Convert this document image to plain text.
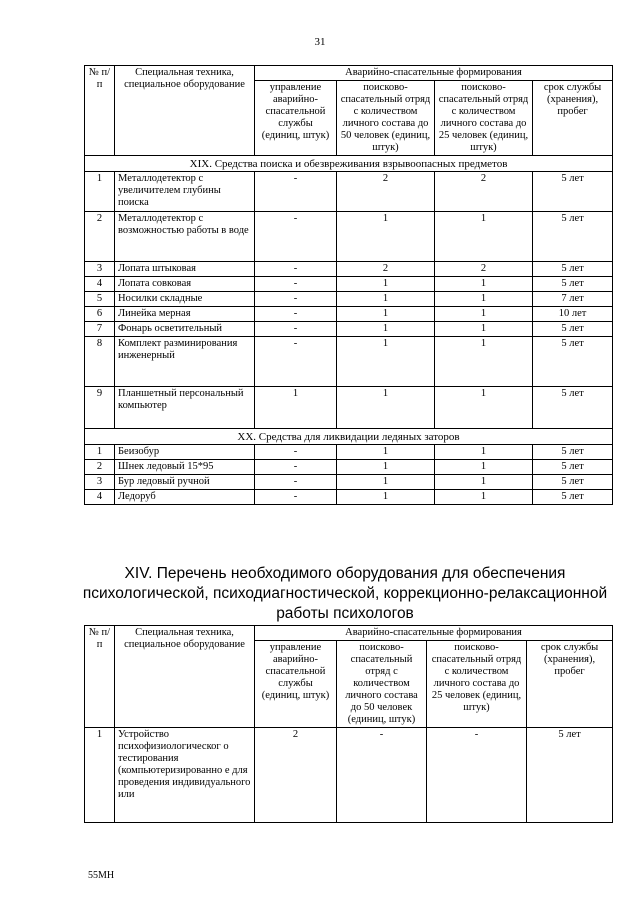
31
№ п/п	Специальная техника, специальное оборудование	Аварийно-спасательные формирования			
		управление аварийно-спасательной службы (единиц, штук)	поисково-спасательный отряд с количеством личного состава до 50 человек (единиц, штук)	поисково-спасательный отряд с количеством личного состава до 25 человек (единиц, штук)	срок службы (хранения), пробег
XIX. Средства поиска и обезвреживания взрывоопасных предметов					
1	Металлодетектор с увеличителем глубины поиска	-	2	2	5 лет
2	Металлодетектор с возможностью работы в воде	-	1	1	5 лет
3	Лопата штыковая	-	2	2	5 лет
4	Лопата совковая	-	1	1	5 лет
5	Носилки складные	-	1	1	7 лет
6	Линейка мерная	-	1	1	10 лет
7	Фонарь осветительный	-	1	1	5 лет
8	Комплект разминирования инженерный	-	1	1	5 лет
9	Планшетный персональный компьютер	1	1	1	5 лет
XX. Средства для ликвидации ледяных заторов					
1	Беизобур	-	1	1	5 лет
2	Шнек ледовый 15*95	-	1	1	5 лет
3	Бур ледовый ручной	-	1	1	5 лет
4	Ледоруб	-	1	1	5 лет
XIV. Перечень необходимого оборудования для обеспечения психологической, психодиагностической, коррекционно-релаксационной работы психологов
№ п/п	Специальная техника, специальное оборудование	Аварийно-спасательные формирования			
		управление аварийно-спасательной службы (единиц, штук)	поисково-спасательный отряд с количеством личного состава до 50 человек (единиц, штук)	поисково-спасательный отряд с количеством личного состава до 25 человек (единиц, штук)	срок службы (хранения), пробег
1	Устройство психофизиологическог о тестирования (компьютеризированно е для проведения индивидуального или	2	-	-	5 лет
55МН
